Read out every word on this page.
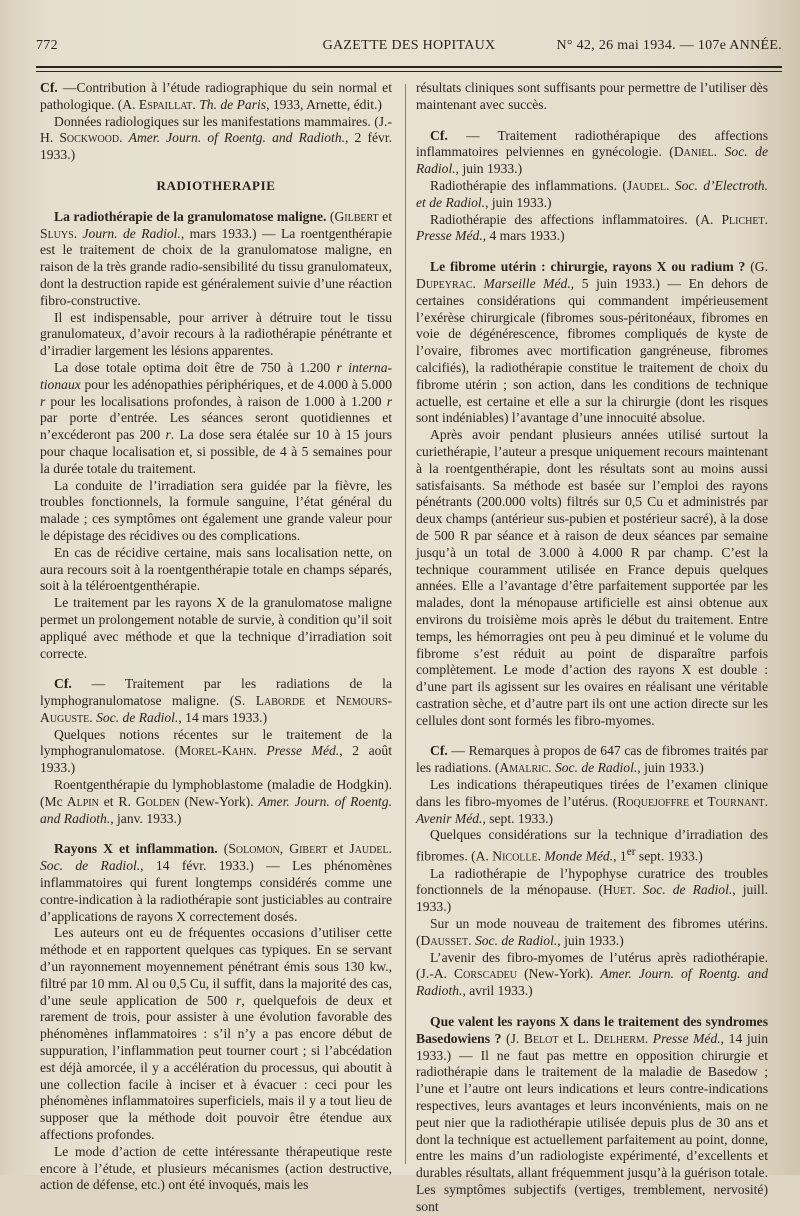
772	GAZETTE DES HOPITAUX	N° 42, 26 mai 1934. — 107e ANNÉE.

Cf. —Contribution à l’étude radiographique du sein normal et pathologique. (A. Espaillat. Th. de Paris, 1933, Arnette, édit.)

Données radiologiques sur les manifestations mammaires. (J.-H. Sockwood. Amer. Journ. of Roentg. and Radioth., 2 févr. 1933.)

RADIOTHERAPIE

La radiothérapie de la granulomatose maligne. (Gilbert et Sluys. Journ. de Radiol., mars 1933.) — La roentgenthérapie est le traitement de choix de la granulomatose maligne, en raison de la très grande radio-sensibilité du tissu granulomateux, dont la destruction rapide est généralement suivie d’une réaction fibro-constructive.

Il est indispensable, pour arriver à détruire tout le tissu granulomateux, d’avoir recours à la radiothérapie pénétrante et d’irradier largement les lésions apparentes.

La dose totale optima doit être de 750 à 1.200 r interna-tionaux pour les adénopathies périphériques, et de 4.000 à 5.000 r pour les localisations profondes, à raison de 1.000 à 1.200 r par porte d’entrée. Les séances seront quotidiennes et n’excéderont pas 200 r. La dose sera étalée sur 10 à 15 jours pour chaque localisation et, si possible, de 4 à 5 semaines pour la durée totale du traitement.

La conduite de l’irradiation sera guidée par la fièvre, les troubles fonctionnels, la formule sanguine, l’état général du malade ; ces symptômes ont également une grande valeur pour le dépistage des récidives ou des complications.

En cas de récidive certaine, mais sans localisation nette, on aura recours soit à la roentgenthérapie totale en champs séparés, soit à la téléroentgenthérapie.

Le traitement par les rayons X de la granulomatose maligne permet un prolongement notable de survie, à condition qu’il soit appliqué avec méthode et que la technique d’irradiation soit correcte.

Cf. — Traitement par les radiations de la lymphogranulomatose maligne. (S. Laborde et Nemours-Auguste. Soc. de Radiol., 14 mars 1933.)

Quelques notions récentes sur le traitement de la lymphogranulomatose. (Morel-Kahn. Presse Méd., 2 août 1933.)

Roentgenthérapie du lymphoblastome (maladie de Hodgkin). (Mc Alpin et R. Golden (New-York). Amer. Journ. of Roentg. and Radioth., janv. 1933.)

Rayons X et inflammation. (Solomon, Gibert et Jaudel. Soc. de Radiol., 14 févr. 1933.) — Les phénomènes inflammatoires qui furent longtemps considérés comme une contre-indication à la radiothérapie sont justiciables au contraire d’applications de rayons X correctement dosés.

Les auteurs ont eu de fréquentes occasions d’utiliser cette méthode et en rapportent quelques cas typiques. En se servant d’un rayonnement moyennement pénétrant émis sous 130 kw., filtré par 10 mm. Al ou 0,5 Cu, il suffit, dans la majorité des cas, d’une seule application de 500 r, quelquefois de deux et rarement de trois, pour assister à une évolution favorable des phénomènes inflammatoires : s’il n’y a pas encore début de suppuration, l’inflammation peut tourner court ; si l’abcédation est déjà amorcée, il y a accélération du processus, qui aboutit à une collection facile à inciser et à évacuer : ceci pour les phénomènes inflammatoires superficiels, mais il y a tout lieu de supposer que la méthode doit pouvoir être étendue aux affections profondes.

Le mode d’action de cette intéressante thérapeutique reste encore à l’étude, et plusieurs mécanismes (action destructive, action de défense, etc.) ont été invoqués, mais les

résultats cliniques sont suffisants pour permettre de l’utiliser dès maintenant avec succès.

Cf. — Traitement radiothérapique des affections inflammatoires pelviennes en gynécologie. (Daniel. Soc. de Radiol., juin 1933.)

Radiothérapie des inflammations. (Jaudel. Soc. d’Electroth. et de Radiol., juin 1933.)

Radiothérapie des affections inflammatoires. (A. Plichet. Presse Méd., 4 mars 1933.)

Le fibrome utérin : chirurgie, rayons X ou radium ? (G. Dupeyrac. Marseille Méd., 5 juin 1933.) — En dehors de certaines considérations qui commandent impérieusement l’exérèse chirurgicale (fibromes sous-péritonéaux, fibromes en voie de dégénérescence, fibromes compliqués de kyste de l’ovaire, fibromes avec mortification gangréneuse, fibromes calcifiés), la radiothérapie constitue le traitement de choix du fibrome utérin ; son action, dans les conditions de technique actuelle, est certaine et elle a sur la chirurgie (dont les risques sont indéniables) l’avantage d’une innocuité absolue.

Après avoir pendant plusieurs années utilisé surtout la curiethérapie, l’auteur a presque uniquement recours maintenant à la roentgenthérapie, dont les résultats sont au moins aussi satisfaisants. Sa méthode est basée sur l’emploi des rayons pénétrants (200.000 volts) filtrés sur 0,5 Cu et administrés par deux champs (antérieur sus-pubien et postérieur sacré), à la dose de 500 R par séance et à raison de deux séances par semaine jusqu’à un total de 3.000 à 4.000 R par champ. C’est la technique couramment utilisée en France depuis quelques années. Elle a l’avantage d’être parfaitement supportée par les malades, dont la ménopause artificielle est ainsi obtenue aux environs du troisième mois après le début du traitement. Entre temps, les hémorragies ont peu à peu diminué et le volume du fibrome s’est réduit au point de disparaître parfois complètement. Le mode d’action des rayons X est double : d’une part ils agissent sur les ovaires en réalisant une véritable castration sèche, et d’autre part ils ont une action directe sur les cellules dont sont formés les fibro-myomes.

Cf. — Remarques à propos de 647 cas de fibromes traités par les radiations. (Amalric. Soc. de Radiol., juin 1933.)

Les indications thérapeutiques tirées de l’examen clinique dans les fibro-myomes de l’utérus. (Roquejoffre et Tournant. Avenir Méd., sept. 1933.)

Quelques considérations sur la technique d’irradiation des fibromes. (A. Nicolle. Monde Méd., 1er sept. 1933.)

La radiothérapie de l’hypophyse curatrice des troubles fonctionnels de la ménopause. (Huet. Soc. de Radiol., juill. 1933.)

Sur un mode nouveau de traitement des fibromes utérins. (Dausset. Soc. de Radiol., juin 1933.)

L’avenir des fibro-myomes de l’utérus après radiothérapie. (J.-A. Corscadeu (New-York). Amer. Journ. of Roentg. and Radioth., avril 1933.)

Que valent les rayons X dans le traitement des syndromes Basedowiens ? (J. Belot et L. Delherm. Presse Méd., 14 juin 1933.) — Il ne faut pas mettre en opposition chirurgie et radiothérapie dans le traitement de la maladie de Basedow ; l’une et l’autre ont leurs indications et leurs contre-indications respectives, leurs avantages et leurs inconvénients, mais on ne peut nier que la radiothérapie utilisée depuis plus de 30 ans et dont la technique est actuellement parfaitement au point, donne, entre les mains d’un radiologiste expérimenté, d’excellents et durables résultats, allant fréquemment jusqu’à la guérison totale. Les symptômes subjectifs (vertiges, tremblement, nervosité) sont
